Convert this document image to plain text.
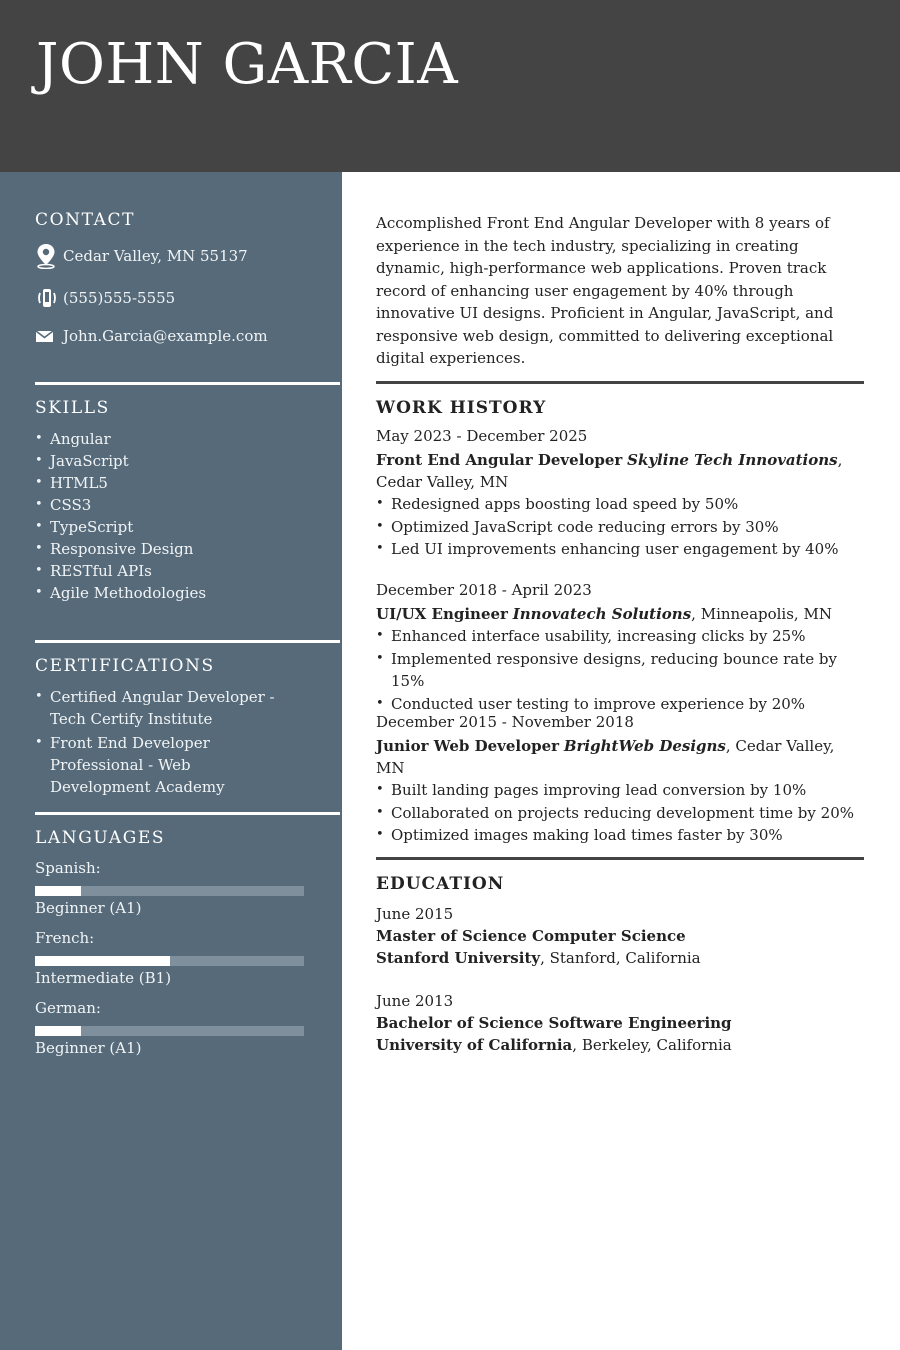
JOHN GARCIA
CONTACT
Cedar Valley, MN 55137
(555)555-5555
John.Garcia@example.com
SKILLS
• Angular
• JavaScript
• HTML5
• CSS3
• TypeScript
• Responsive Design
• RESTful APIs
• Agile Methodologies
CERTIFICATIONS
• Certified Angular Developer - Tech Certify Institute
• Front End Developer Professional - Web Development Academy
LANGUAGES
Spanish:
Beginner (A1)
French:
Intermediate (B1)
German:
Beginner (A1)

Accomplished Front End Angular Developer with 8 years of experience in the tech industry, specializing in creating dynamic, high-performance web applications. Proven track record of enhancing user engagement by 40% through innovative UI designs. Proficient in Angular, JavaScript, and responsive web design, committed to delivering exceptional digital experiences.

WORK HISTORY
May 2023 - December 2025
Front End Angular Developer Skyline Tech Innovations, Cedar Valley, MN
• Redesigned apps boosting load speed by 50%
• Optimized JavaScript code reducing errors by 30%
• Led UI improvements enhancing user engagement by 40%
December 2018 - April 2023
UI/UX Engineer Innovatech Solutions, Minneapolis, MN
• Enhanced interface usability, increasing clicks by 25%
• Implemented responsive designs, reducing bounce rate by 15%
• Conducted user testing to improve experience by 20%
December 2015 - November 2018
Junior Web Developer BrightWeb Designs, Cedar Valley, MN
• Built landing pages improving lead conversion by 10%
• Collaborated on projects reducing development time by 20%
• Optimized images making load times faster by 30%
EDUCATION
June 2015
Master of Science Computer Science
Stanford University, Stanford, California
June 2013
Bachelor of Science Software Engineering
University of California, Berkeley, California
